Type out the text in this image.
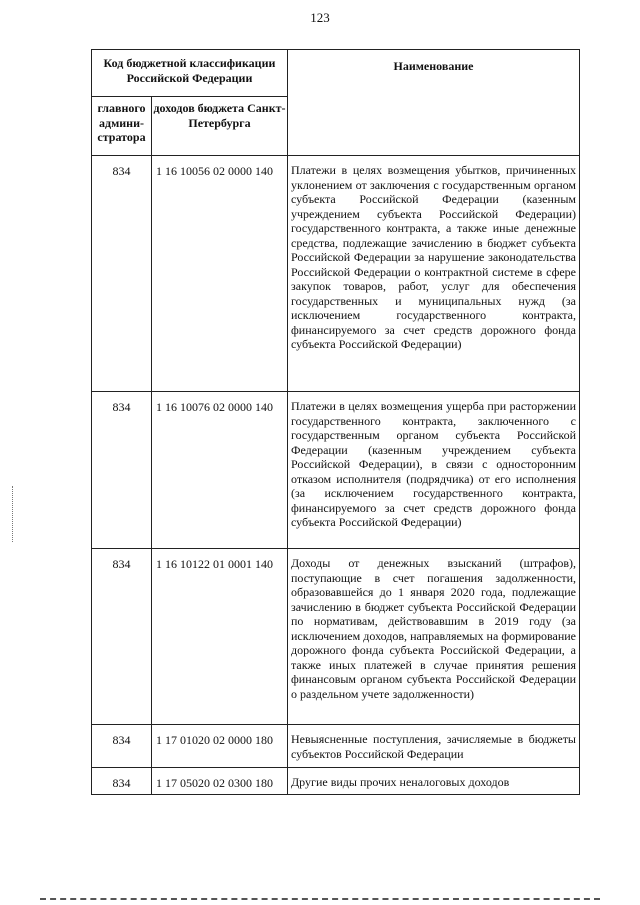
123
Код бюджетной классификации Российской Федерации		Наименование
главного админи-стратора	доходов бюджета Санкт-Петербурга	
834	1 16 10056 02 0000 140	Платежи в целях возмещения убытков, причиненных уклонением от заключения с государственным органом субъекта Российской Федерации (казенным учреждением субъекта Российской Федерации) государственного контракта, а также иные денежные средства, подлежащие зачислению в бюджет субъекта Российской Федерации за нарушение законодательства Российской Федерации о контрактной системе в сфере закупок товаров, работ, услуг для обеспечения государственных и муниципальных нужд (за исключением государственного контракта, финансируемого за счет средств дорожного фонда субъекта Российской Федерации)
834	1 16 10076 02 0000 140	Платежи в целях возмещения ущерба при расторжении государственного контракта, заключенного с государственным органом субъекта Российской Федерации (казенным учреждением субъекта Российской Федерации), в связи с односторонним отказом исполнителя (подрядчика) от его исполнения (за исключением государственного контракта, финансируемого за счет средств дорожного фонда субъекта Российской Федерации)
834	1 16 10122 01 0001 140	Доходы от денежных взысканий (штрафов), поступающие в счет погашения задолженности, образовавшейся до 1 января 2020 года, подлежащие зачислению в бюджет субъекта Российской Федерации по нормативам, действовавшим в 2019 году (за исключением доходов, направляемых на формирование дорожного фонда субъекта Российской Федерации, а также иных платежей в случае принятия решения финансовым органом субъекта Российской Федерации о раздельном учете задолженности)
834	1 17 01020 02 0000 180	Невыясненные поступления, зачисляемые в бюджеты субъектов Российской Федерации
834	1 17 05020 02 0300 180	Другие виды прочих неналоговых доходов
